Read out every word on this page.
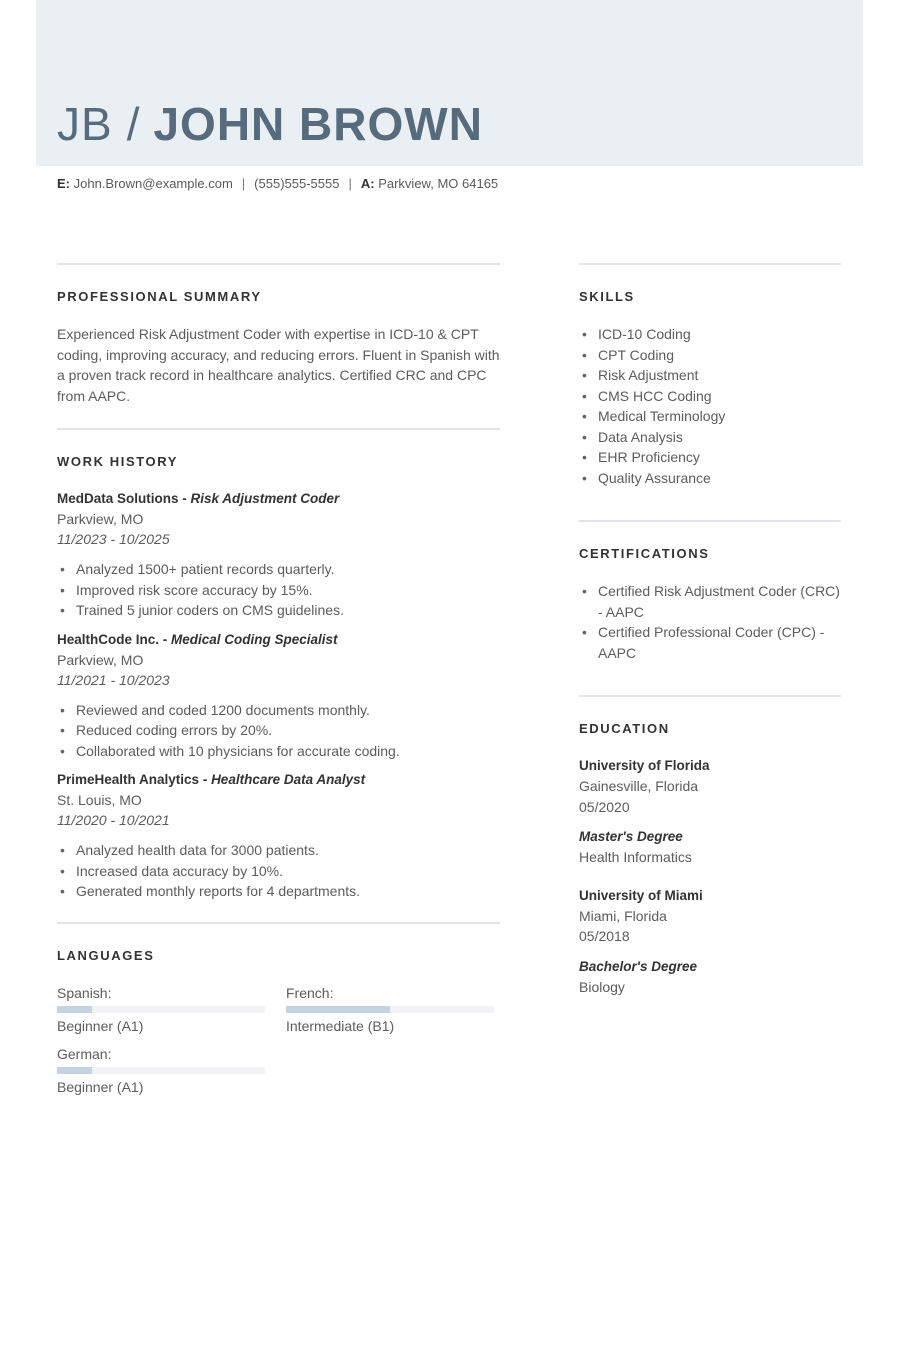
JB / JOHN BROWN
E: John.Brown@example.com | (555)555-5555 | A: Parkview, MO 64165
PROFESSIONAL SUMMARY
Experienced Risk Adjustment Coder with expertise in ICD-10 & CPT coding, improving accuracy, and reducing errors. Fluent in Spanish with a proven track record in healthcare analytics. Certified CRC and CPC from AAPC.
WORK HISTORY
MedData Solutions - Risk Adjustment Coder
Parkview, MO
11/2023 - 10/2025
• Analyzed 1500+ patient records quarterly.
• Improved risk score accuracy by 15%.
• Trained 5 junior coders on CMS guidelines.
HealthCode Inc. - Medical Coding Specialist
Parkview, MO
11/2021 - 10/2023
• Reviewed and coded 1200 documents monthly.
• Reduced coding errors by 20%.
• Collaborated with 10 physicians for accurate coding.
PrimeHealth Analytics - Healthcare Data Analyst
St. Louis, MO
11/2020 - 10/2021
• Analyzed health data for 3000 patients.
• Increased data accuracy by 10%.
• Generated monthly reports for 4 departments.
LANGUAGES
Spanish:
Beginner (A1)
French:
Intermediate (B1)
German:
Beginner (A1)
SKILLS
• ICD-10 Coding
• CPT Coding
• Risk Adjustment
• CMS HCC Coding
• Medical Terminology
• Data Analysis
• EHR Proficiency
• Quality Assurance
CERTIFICATIONS
• Certified Risk Adjustment Coder (CRC) - AAPC
• Certified Professional Coder (CPC) - AAPC
EDUCATION
University of Florida
Gainesville, Florida
05/2020
Master's Degree
Health Informatics
University of Miami
Miami, Florida
05/2018
Bachelor's Degree
Biology
